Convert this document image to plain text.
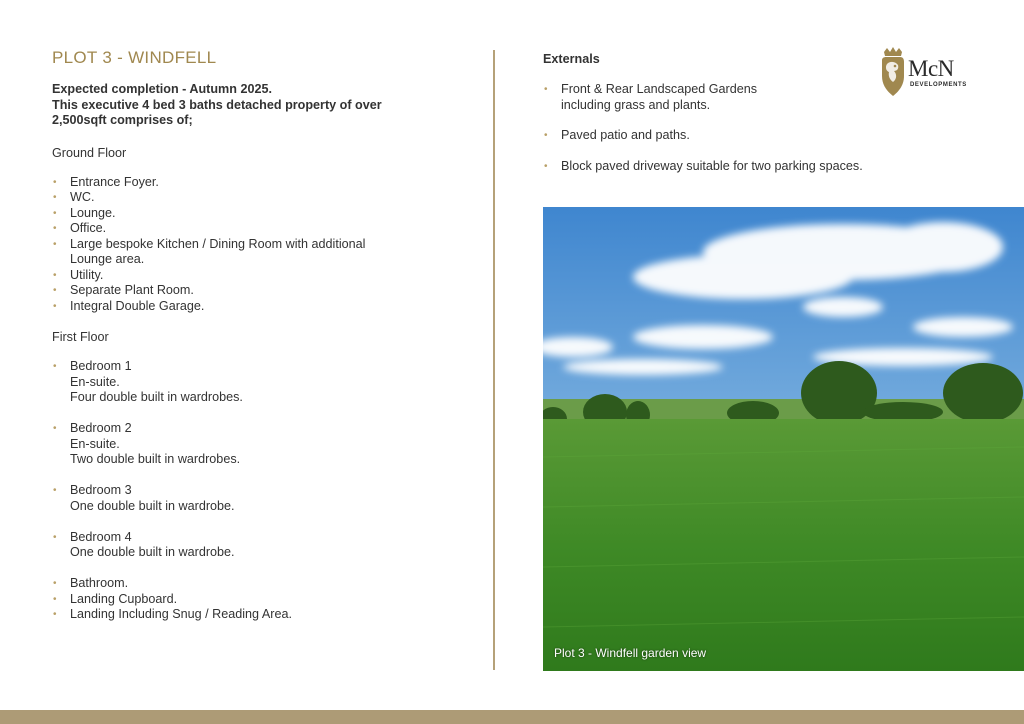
PLOT 3 - WINDFELL

Expected completion - Autumn 2025.
This executive 4 bed 3 baths detached property of over
2,500sqft comprises of;

Ground Floor
• Entrance Foyer.
• WC.
• Lounge.
• Office.
• Large bespoke Kitchen / Dining Room with additional
Lounge area.
• Utility.
• Separate Plant Room.
• Integral Double Garage.
First Floor
• Bedroom 1
En-suite.
Four double built in wardrobes.
• Bedroom 2
En-suite.
Two double built in wardrobes.
• Bedroom 3
One double built in wardrobe.
• Bedroom 4
One double built in wardrobe.
• Bathroom.
• Landing Cupboard.
• Landing Including Snug / Reading Area.
Externals
• Front & Rear Landscaped Gardens
including grass and plants.
• Paved patio and paths.
• Block paved driveway suitable for two parking spaces.
McN
DEVELOPMENTS
Plot 3 - Windfell garden view
